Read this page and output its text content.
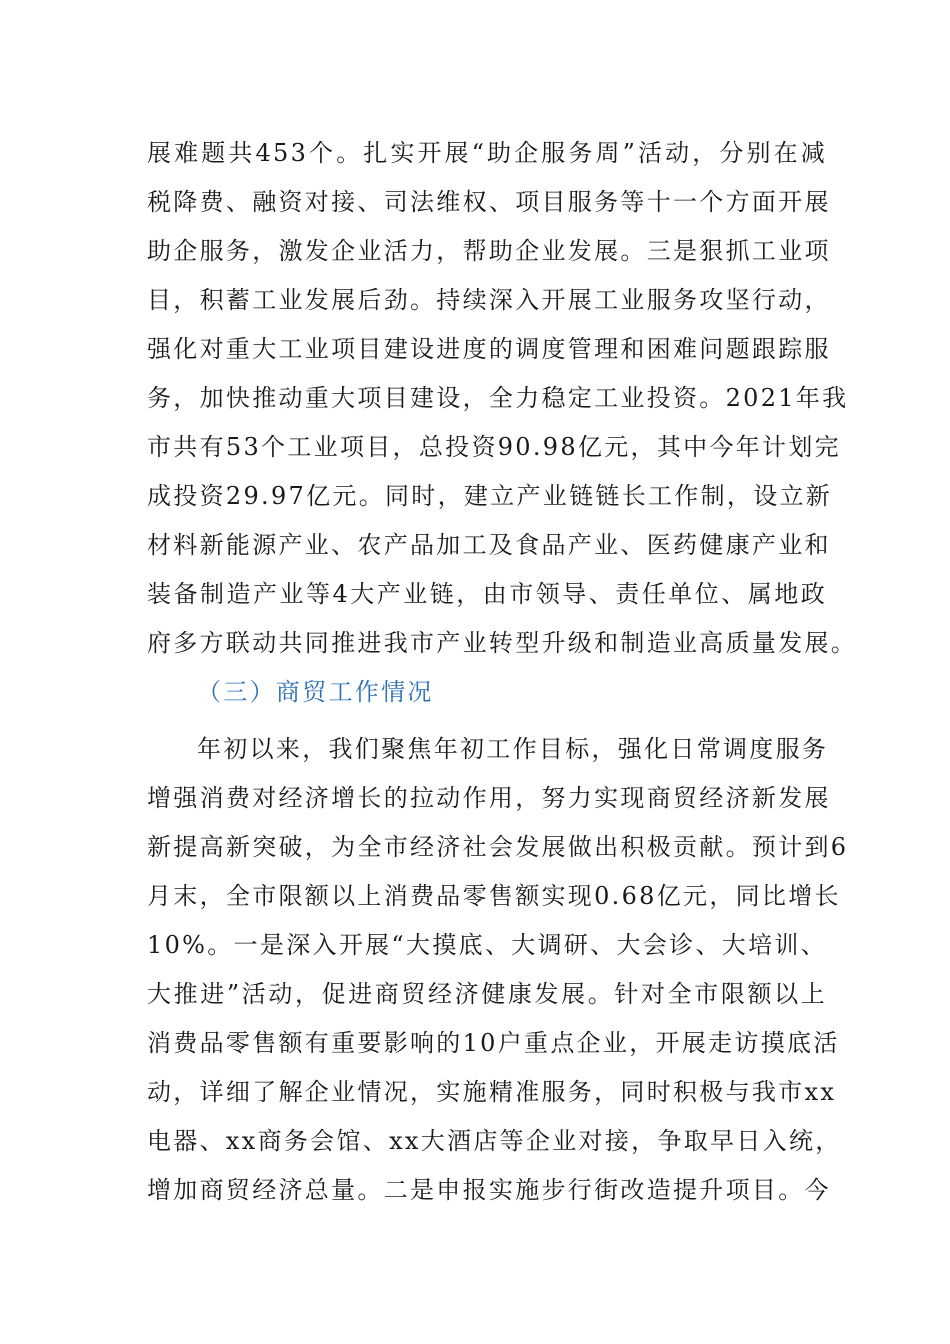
展难题共453个。扎实开展“助企服务周”活动，分别在减
税降费、融资对接、司法维权、项目服务等十一个方面开展
助企服务，激发企业活力，帮助企业发展。三是狠抓工业项
目，积蓄工业发展后劲。持续深入开展工业服务攻坚行动，
强化对重大工业项目建设进度的调度管理和困难问题跟踪服
务，加快推动重大项目建设，全力稳定工业投资。2021年我
市共有53个工业项目，总投资90.98亿元，其中今年计划完
成投资29.97亿元。同时，建立产业链链长工作制，设立新
材料新能源产业、农产品加工及食品产业、医药健康产业和
装备制造产业等4大产业链，由市领导、责任单位、属地政
府多方联动共同推进我市产业转型升级和制造业高质量发展。
（三）商贸工作情况
年初以来，我们聚焦年初工作目标，强化日常调度服务
增强消费对经济增长的拉动作用，努力实现商贸经济新发展
新提高新突破，为全市经济社会发展做出积极贡献。预计到6
月末，全市限额以上消费品零售额实现0.68亿元，同比增长
10%。一是深入开展“大摸底、大调研、大会诊、大培训、
大推进”活动，促进商贸经济健康发展。针对全市限额以上
消费品零售额有重要影响的10户重点企业，开展走访摸底活
动，详细了解企业情况，实施精准服务，同时积极与我市xx
电器、xx商务会馆、xx大酒店等企业对接，争取早日入统，
增加商贸经济总量。二是申报实施步行街改造提升项目。今
